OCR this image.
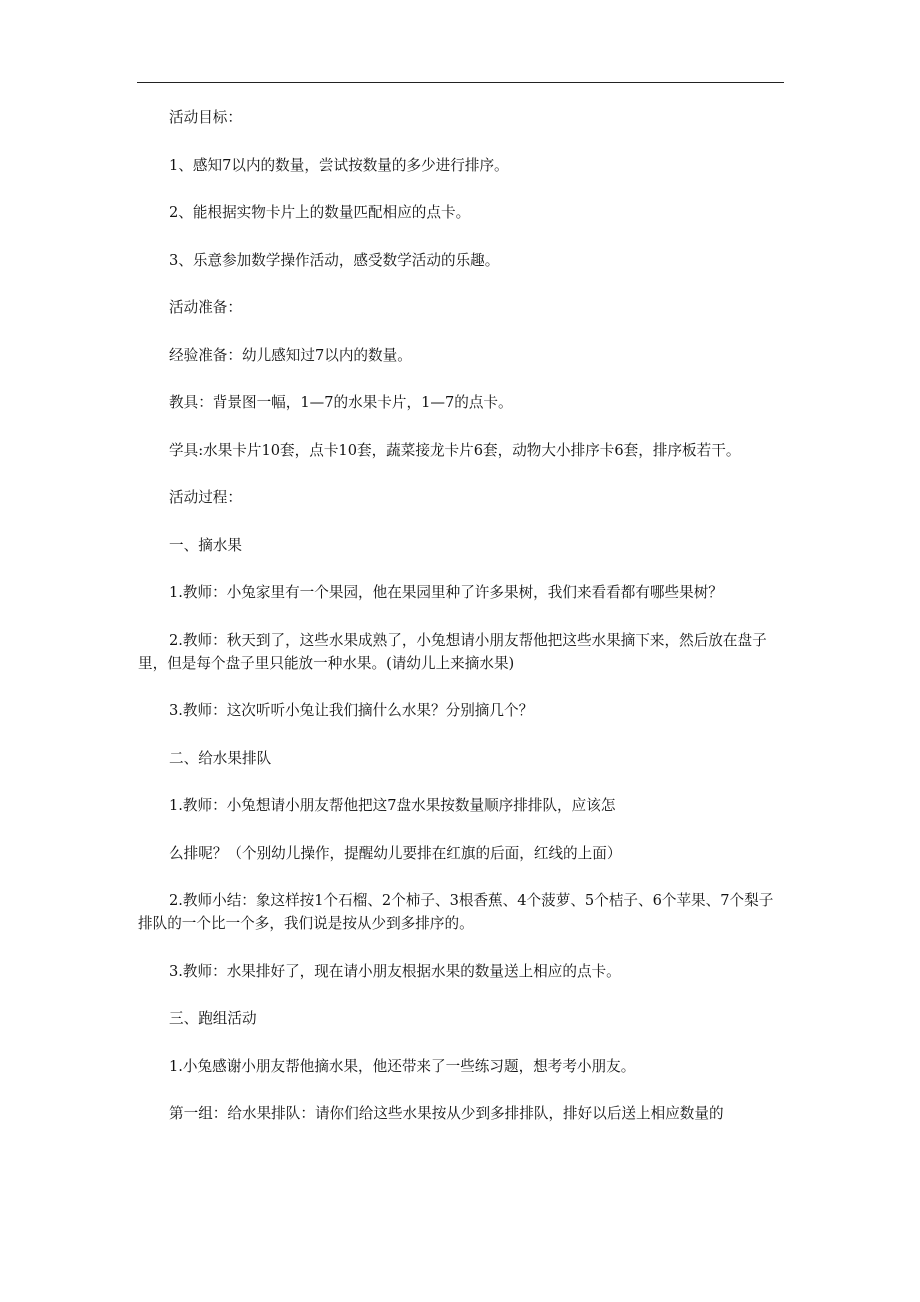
活动目标：

1、感知7以内的数量，尝试按数量的多少进行排序。

2、能根据实物卡片上的数量匹配相应的点卡。

3、乐意参加数学操作活动，感受数学活动的乐趣。

活动准备：

经验准备：幼儿感知过7以内的数量。

教具：背景图一幅，1—7的水果卡片，1—7的点卡。

学具:水果卡片10套，点卡10套，蔬菜接龙卡片6套，动物大小排序卡6套，排序板若干。

活动过程：

一、摘水果

1.教师：小兔家里有一个果园，他在果园里种了许多果树，我们来看看都有哪些果树？

2.教师：秋天到了，这些水果成熟了，小兔想请小朋友帮他把这些水果摘下来，然后放在盘子里，但是每个盘子里只能放一种水果。(请幼儿上来摘水果)

3.教师：这次听听小兔让我们摘什么水果？分别摘几个？

二、给水果排队

1.教师：小兔想请小朋友帮他把这7盘水果按数量顺序排排队，应该怎

么排呢？（个别幼儿操作，提醒幼儿要排在红旗的后面，红线的上面）

2.教师小结：象这样按1个石榴、2个柿子、3根香蕉、4个菠萝、5个桔子、6个苹果、7个梨子排队的一个比一个多，我们说是按从少到多排序的。

3.教师：水果排好了，现在请小朋友根据水果的数量送上相应的点卡。

三、跑组活动

1.小兔感谢小朋友帮他摘水果，他还带来了一些练习题，想考考小朋友。

第一组：给水果排队：请你们给这些水果按从少到多排排队，排好以后送上相应数量的
